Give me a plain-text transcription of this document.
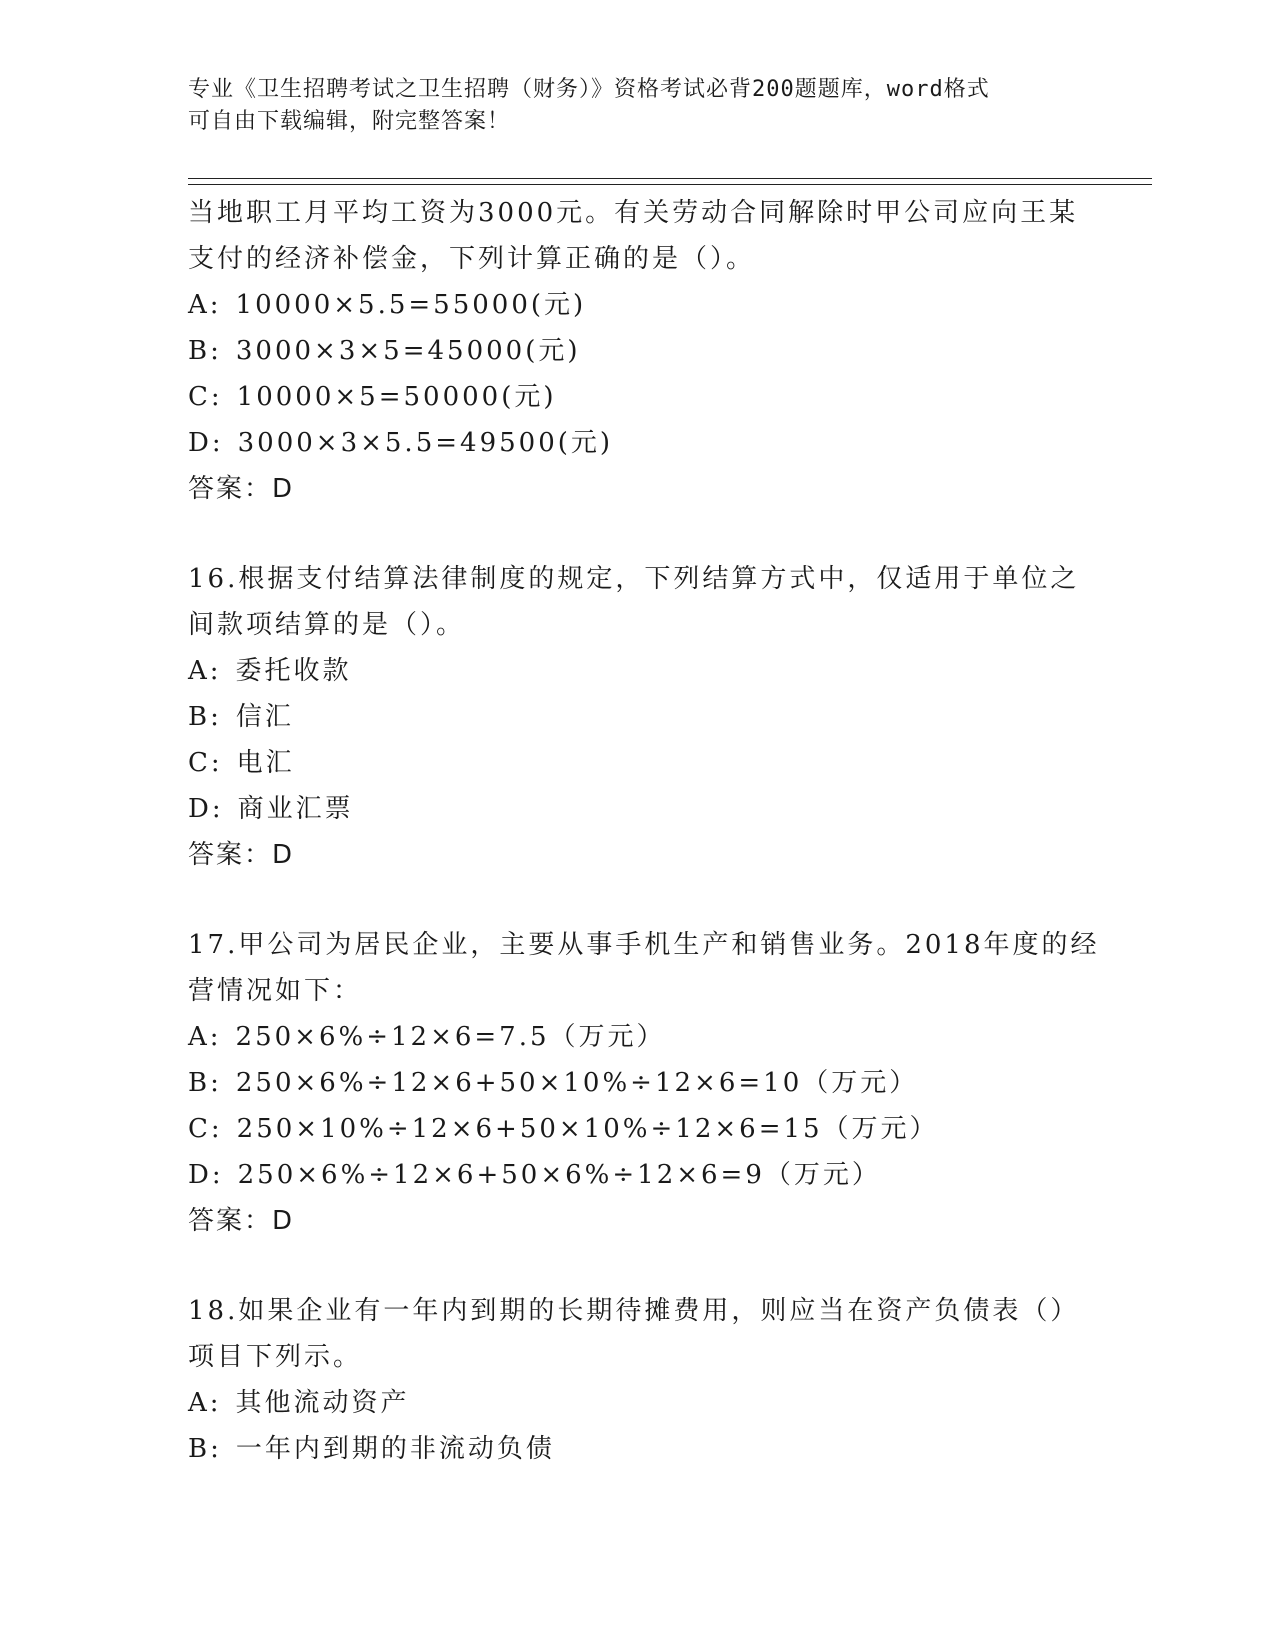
专业《卫生招聘考试之卫生招聘（财务）》资格考试必背200题题库，word格式
可自由下载编辑，附完整答案！
当地职工月平均工资为3000元。有关劳动合同解除时甲公司应向王某
支付的经济补偿金，下列计算正确的是（）。
A: 10000×5.5=55000(元)
B: 3000×3×5=45000(元)
C: 10000×5=50000(元)
D: 3000×3×5.5=49500(元)
答案：D
16.根据支付结算法律制度的规定，下列结算方式中，仅适用于单位之
间款项结算的是（）。
A: 委托收款
B: 信汇
C: 电汇
D: 商业汇票
答案：D
17.甲公司为居民企业，主要从事手机生产和销售业务。2018年度的经
营情况如下：
A: 250×6%÷12×6=7.5（万元）
B: 250×6%÷12×6+50×10%÷12×6=10（万元）
C: 250×10%÷12×6+50×10%÷12×6=15（万元）
D: 250×6%÷12×6+50×6%÷12×6=9（万元）
答案：D
18.如果企业有一年内到期的长期待摊费用，则应当在资产负债表（）
项目下列示。
A: 其他流动资产
B: 一年内到期的非流动负债
